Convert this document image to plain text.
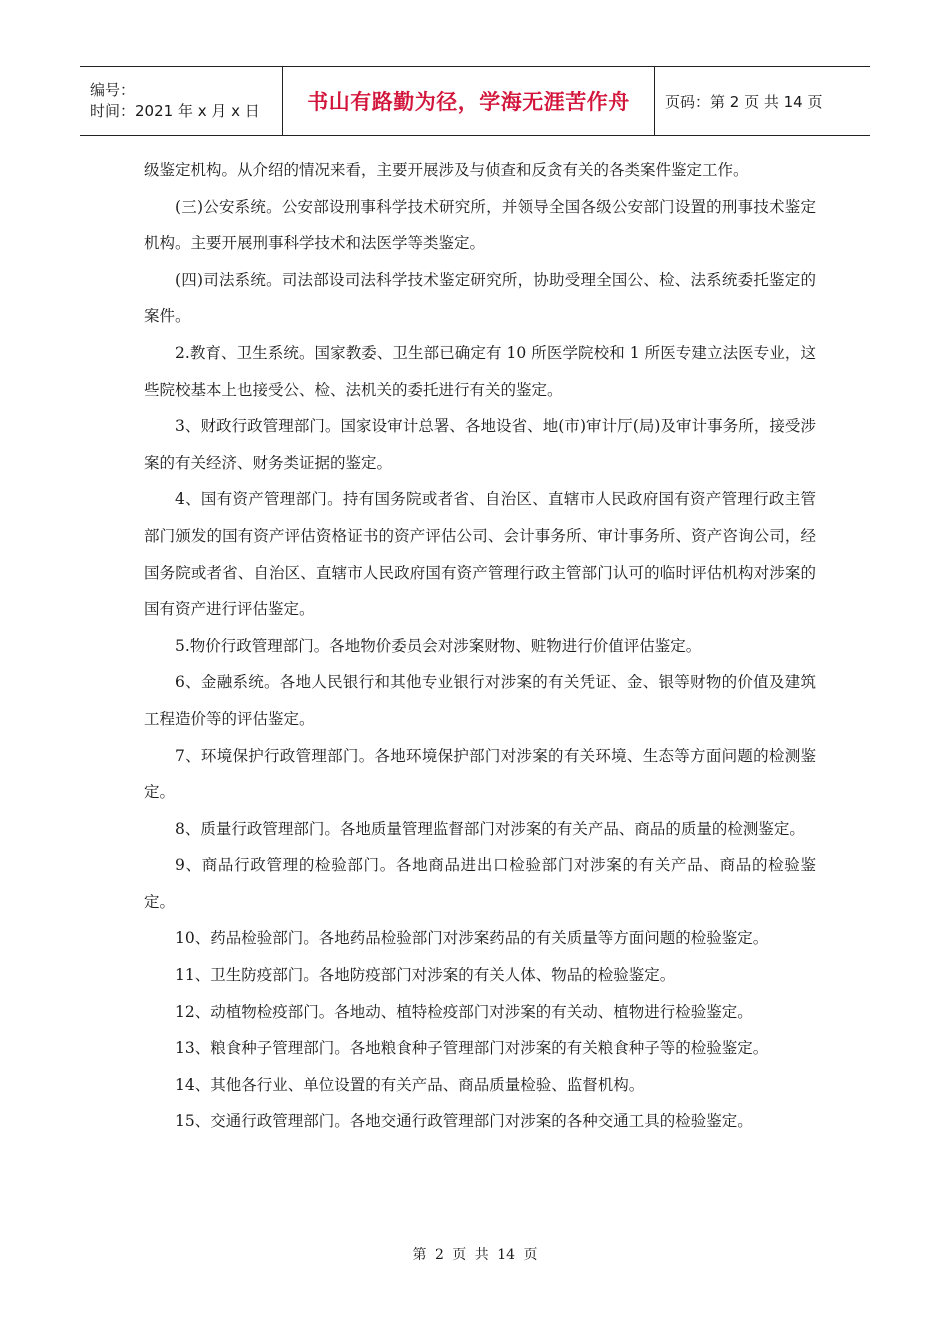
编号：
时间：2021 年 x 月 x 日	书山有路勤为径，学海无涯苦作舟 页码：第 2 页 共 14 页

级鉴定机构。从介绍的情况来看，主要开展涉及与侦查和反贪有关的各类案件鉴定工作。

(三)公安系统。公安部设刑事科学技术研究所，并领导全国各级公安部门设置的刑事技术鉴定机构。主要开展刑事科学技术和法医学等类鉴定。

(四)司法系统。司法部设司法科学技术鉴定研究所，协助受理全国公、检、法系统委托鉴定的案件。

2.教育、卫生系统。国家教委、卫生部已确定有 10 所医学院校和 1 所医专建立法医专业，这些院校基本上也接受公、检、法机关的委托进行有关的鉴定。

3、财政行政管理部门。国家设审计总署、各地设省、地(市)审计厅(局)及审计事务所，接受涉案的有关经济、财务类证据的鉴定。

4、国有资产管理部门。持有国务院或者省、自治区、直辖市人民政府国有资产管理行政主管部门颁发的国有资产评估资格证书的资产评估公司、会计事务所、审计事务所、资产咨询公司，经国务院或者省、自治区、直辖市人民政府国有资产管理行政主管部门认可的临时评估机构对涉案的国有资产进行评估鉴定。

5.物价行政管理部门。各地物价委员会对涉案财物、赃物进行价值评估鉴定。

6、金融系统。各地人民银行和其他专业银行对涉案的有关凭证、金、银等财物的价值及建筑工程造价等的评估鉴定。

7、环境保护行政管理部门。各地环境保护部门对涉案的有关环境、生态等方面问题的检测鉴定。

8、质量行政管理部门。各地质量管理监督部门对涉案的有关产品、商品的质量的检测鉴定。

9、商品行政管理的检验部门。各地商品进出口检验部门对涉案的有关产品、商品的检验鉴定。

10、药品检验部门。各地药品检验部门对涉案药品的有关质量等方面问题的检验鉴定。

11、卫生防疫部门。各地防疫部门对涉案的有关人体、物品的检验鉴定。

12、动植物检疫部门。各地动、植特检疫部门对涉案的有关动、植物进行检验鉴定。

13、粮食种子管理部门。各地粮食种子管理部门对涉案的有关粮食种子等的检验鉴定。

14、其他各行业、单位设置的有关产品、商品质量检验、监督机构。

15、交通行政管理部门。各地交通行政管理部门对涉案的各种交通工具的检验鉴定。

第 2 页 共 14 页
